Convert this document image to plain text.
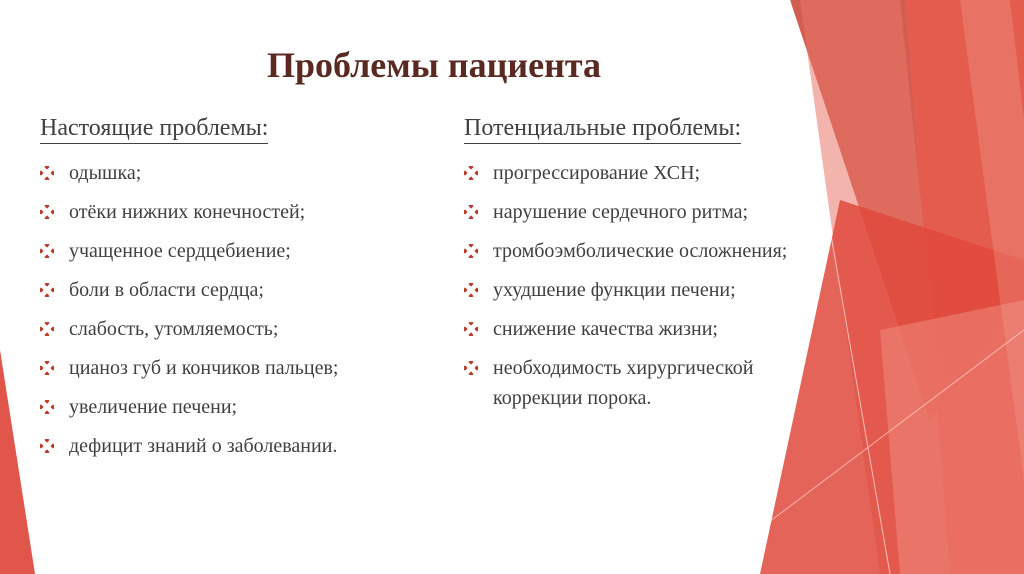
Проблемы пациента
Настоящие проблемы:
одышка;
отёки нижних конечностей;
учащенное сердцебиение;
боли в области сердца;
слабость, утомляемость;
цианоз губ и кончиков пальцев;
увеличение печени;
дефицит знаний о заболевании.
Потенциальные проблемы:
прогрессирование ХСН;
нарушение сердечного ритма;
тромбоэмболические осложнения;
ухудшение функции печени;
снижение качества жизни;
необходимость хирургической коррекции порока.
